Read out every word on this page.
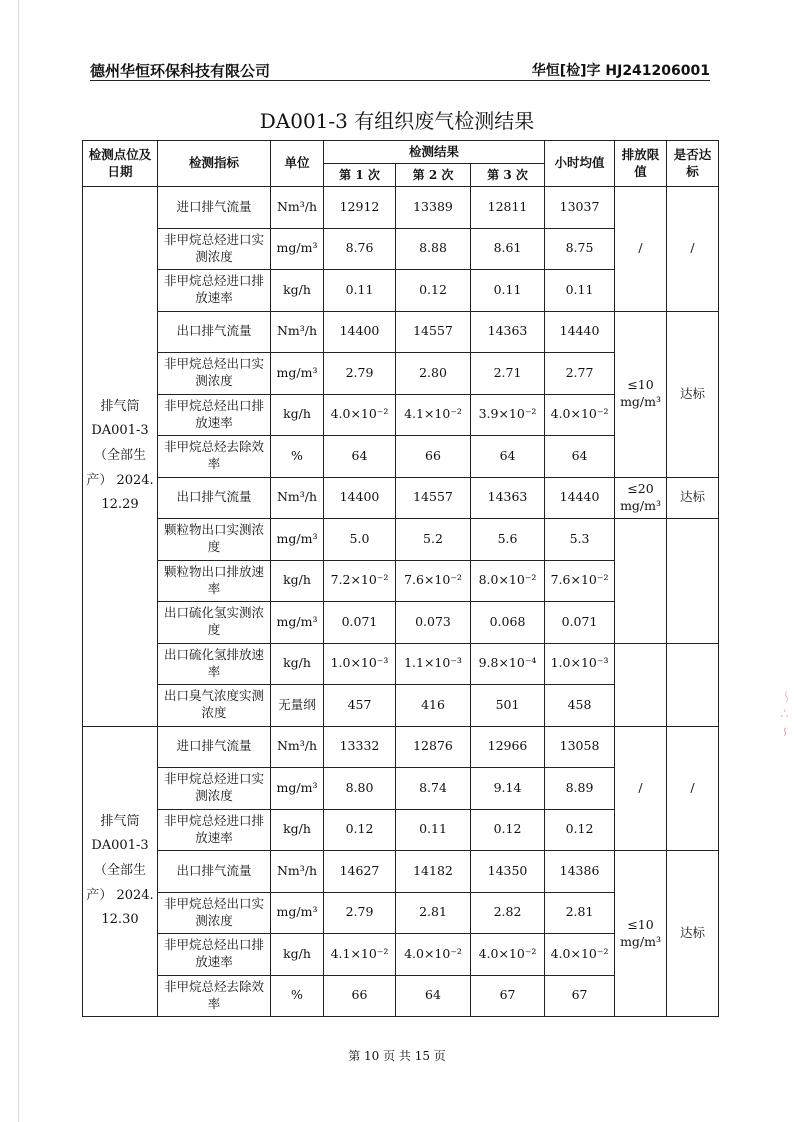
德州华恒环保科技有限公司	华恒[检]字 HJ241206001
DA001-3 有组织废气检测结果
检测点位及日期	检测指标	单位	检测结果			小时均值	排放限值	是否达标
			第 1 次	第 2 次	第 3 次			
排气筒 DA001-3 （全部生产） 2024. 12.29	进口排气流量	Nm³/h	12912	13389	12811	13037	/	/
	非甲烷总烃进口实测浓度	mg/m³	8.76	8.88	8.61	8.75		
	非甲烷总烃进口排放速率	kg/h	0.11	0.12	0.11	0.11		
	出口排气流量	Nm³/h	14400	14557	14363	14440	≤10 mg/m³	达标
	非甲烷总烃出口实测浓度	mg/m³	2.79	2.80	2.71	2.77		
	非甲烷总烃出口排放速率	kg/h	4.0×10⁻²	4.1×10⁻²	3.9×10⁻²	4.0×10⁻²		
	非甲烷总烃去除效率	%	64	66	64	64		
	出口排气流量	Nm³/h	14400	14557	14363	14440	≤20 mg/m³	达标
	颗粒物出口实测浓度	mg/m³	5.0	5.2	5.6	5.3		
	颗粒物出口排放速率	kg/h	7.2×10⁻²	7.6×10⁻²	8.0×10⁻²	7.6×10⁻²		
	出口硫化氢实测浓度	mg/m³	0.071	0.073	0.068	0.071		
	出口硫化氢排放速率	kg/h	1.0×10⁻³	1.1×10⁻³	9.8×10⁻⁴	1.0×10⁻³		
	出口臭气浓度实测浓度	无量纲	457	416	501	458		
排气筒 DA001-3 （全部生产） 2024. 12.30	进口排气流量	Nm³/h	13332	12876	12966	13058	/	/
	非甲烷总烃进口实测浓度	mg/m³	8.80	8.74	9.14	8.89		
	非甲烷总烃进口排放速率	kg/h	0.12	0.11	0.12	0.12		
	出口排气流量	Nm³/h	14627	14182	14350	14386	≤10 mg/m³	达标
	非甲烷总烃出口实测浓度	mg/m³	2.79	2.81	2.82	2.81		
	非甲烷总烃出口排放速率	kg/h	4.1×10⁻²	4.0×10⁻²	4.0×10⁻²	4.0×10⁻²		
	非甲烷总烃去除效率	%	66	64	67	67		
～ ∴ ∽
第 10 页 共 15 页
